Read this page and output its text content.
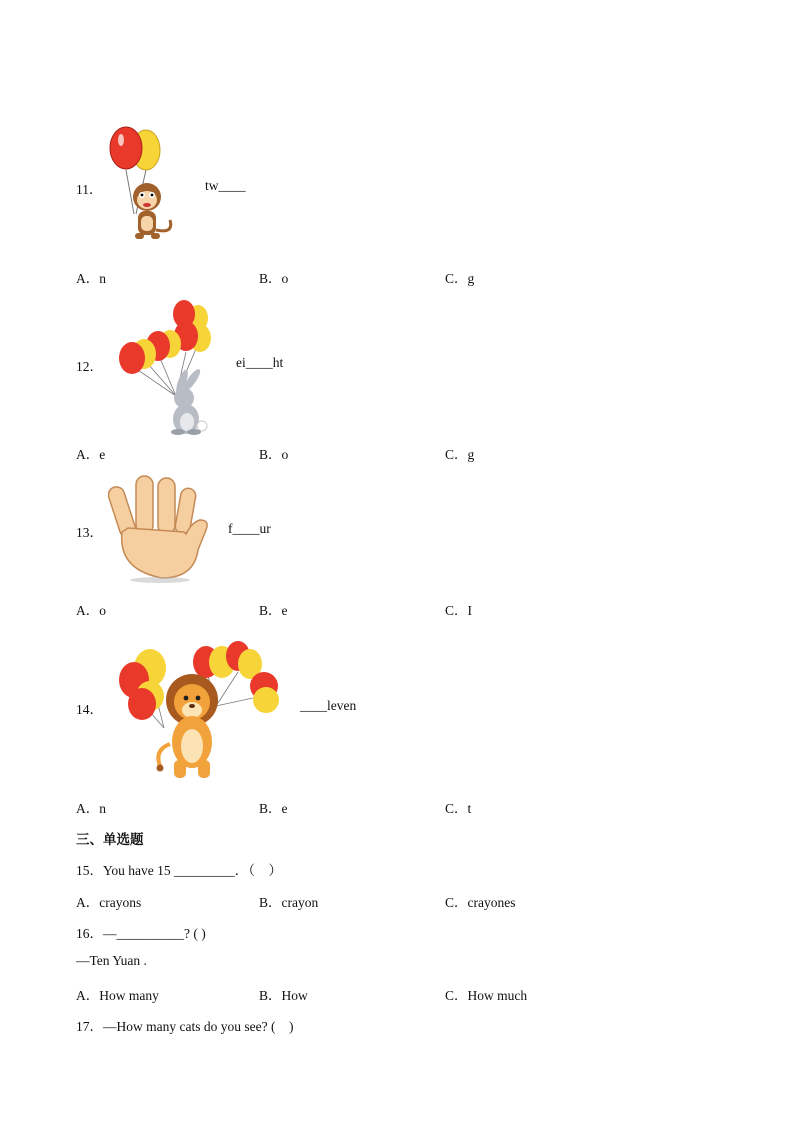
11．	tw____
A．n	B．o	C．g
12．	ei____ht
A．e	B．o	C．g
13．	f____ur
A．o	B．e	C．I
14．	____leven
A．n	B．e	C．t
三、单选题
15．You have 15 _________．（　）
A．crayons	B．crayon	C．crayones
16．—__________? ( )
—Ten Yuan .
A．How many	B．How	C．How much
17．—How many cats do you see? (　)
